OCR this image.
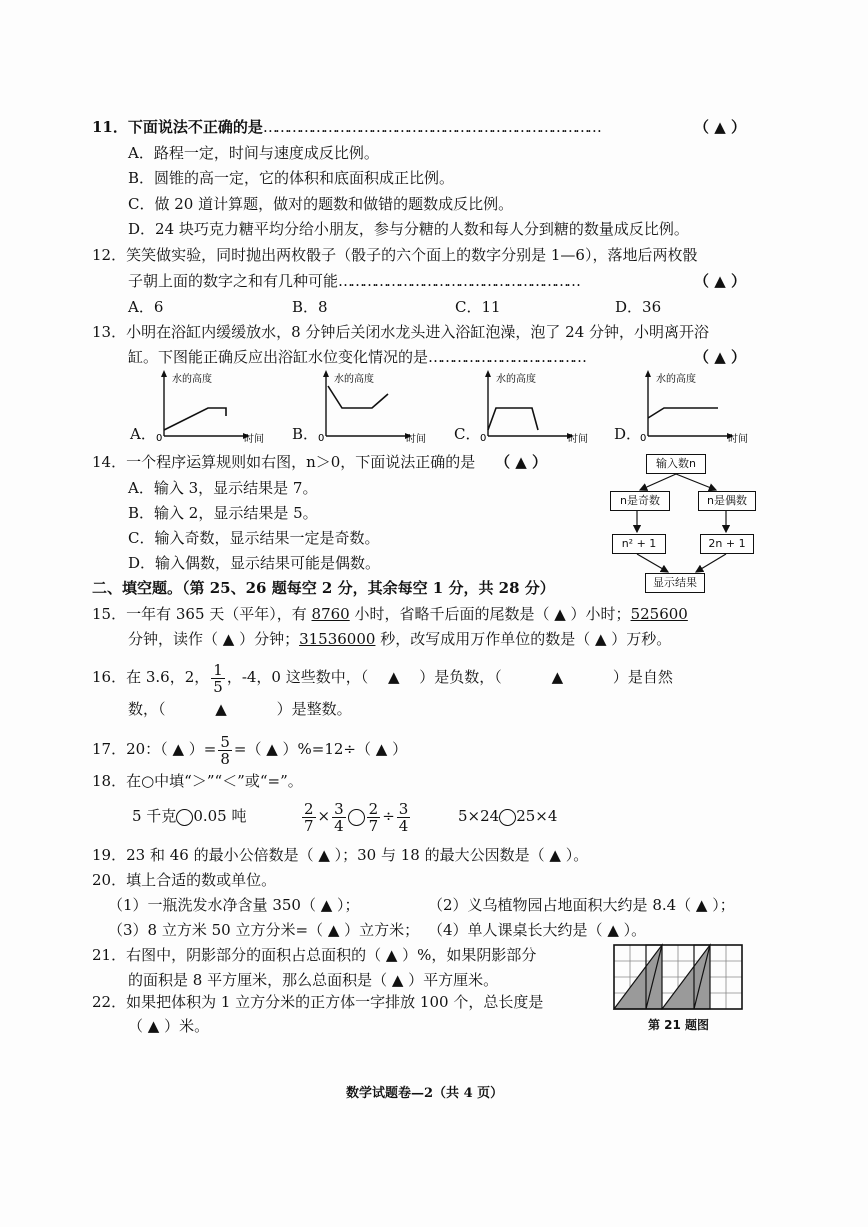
11．下面说法不正确的是…………………………………………………………………………	（ ▲ ）
A．路程一定，时间与速度成反比例。
B．圆锥的高一定，它的体积和底面积成正比例。
C．做 20 道计算题，做对的题数和做错的题数成反比例。
D．24 块巧克力糖平均分给小朋友，参与分糖的人数和每人分到糖的数量成反比例。
12．笑笑做实验，同时抛出两枚骰子（骰子的六个面上的数字分别是 1—6），落地后两枚骰
子朝上面的数字之和有几种可能……………………………………………………	（ ▲ ）
A．6	B．8	C．11	D．36
13．小明在浴缸内缓缓放水，8 分钟后关闭水龙头进入浴缸泡澡，泡了 24 分钟，小明离开浴
缸。下图能正确反应出浴缸水位变化情况的是…………………………………	（ ▲ ）
A．
水的高度
时间
0	B．
水的高度
时间
0	C．
水的高度
时间
0	D．
水的高度
时间
0
14．一个程序运算规则如右图，n＞0，下面说法正确的是　 （ ▲ ）
A．输入 3，显示结果是 7。
B．输入 2，显示结果是 5。
C．输入奇数，显示结果一定是奇数。
D．输入偶数，显示结果可能是偶数。
输入数n
n是奇数	n是偶数
n² + 1	2n + 1
显示结果
二、填空题。（第 25、26 题每空 2 分，其余每空 1 分，共 28 分）
15．一年有 365 天（平年），有 8760 小时，省略千后面的尾数是（ ▲ ）小时；525600
分钟，读作（ ▲ ）分钟；31536000 秒，改写成用万作单位的数是（ ▲ ）万秒。
16．在 3.6，2， $\frac{1}{5}$ ，-4，0 这些数中，（　 ▲　 ）是负数，（　　　 ▲　　　 ）是自然
数，（　　　 ▲　　　 ）是整数。
17．20：（ ▲ ）= $\frac{5}{8}$ =（ ▲ ）%=12÷（ ▲ ）
18．在○中填“＞”“＜”或“=”。
5 千克 0.05 吨	$\frac{2}{7} \times \frac{3}{4} \frac{2}{7} \div \frac{3}{4}$	5×24 25×4
19．23 和 46 的最小公倍数是（ ▲ ）；30 与 18 的最大公因数是（ ▲ ）。
20．填上合适的数或单位。
（1）一瓶洗发水净含量 350（ ▲ ）；	（2）义乌植物园占地面积大约是 8.4（ ▲ ）；
（3）8 立方米 50 立方分米=（ ▲ ）立方米； （4）单人课桌长大约是（ ▲ ）。
21．右图中，阴影部分的面积占总面积的（ ▲ ）%，如果阴影部分
的面积是 8 平方厘米，那么总面积是（ ▲ ）平方厘米。
第 21 题图
22．如果把体积为 1 立方分米的正方体一字排放 100 个，总长度是
（ ▲ ）米。
数学试题卷—2（共 4 页）
